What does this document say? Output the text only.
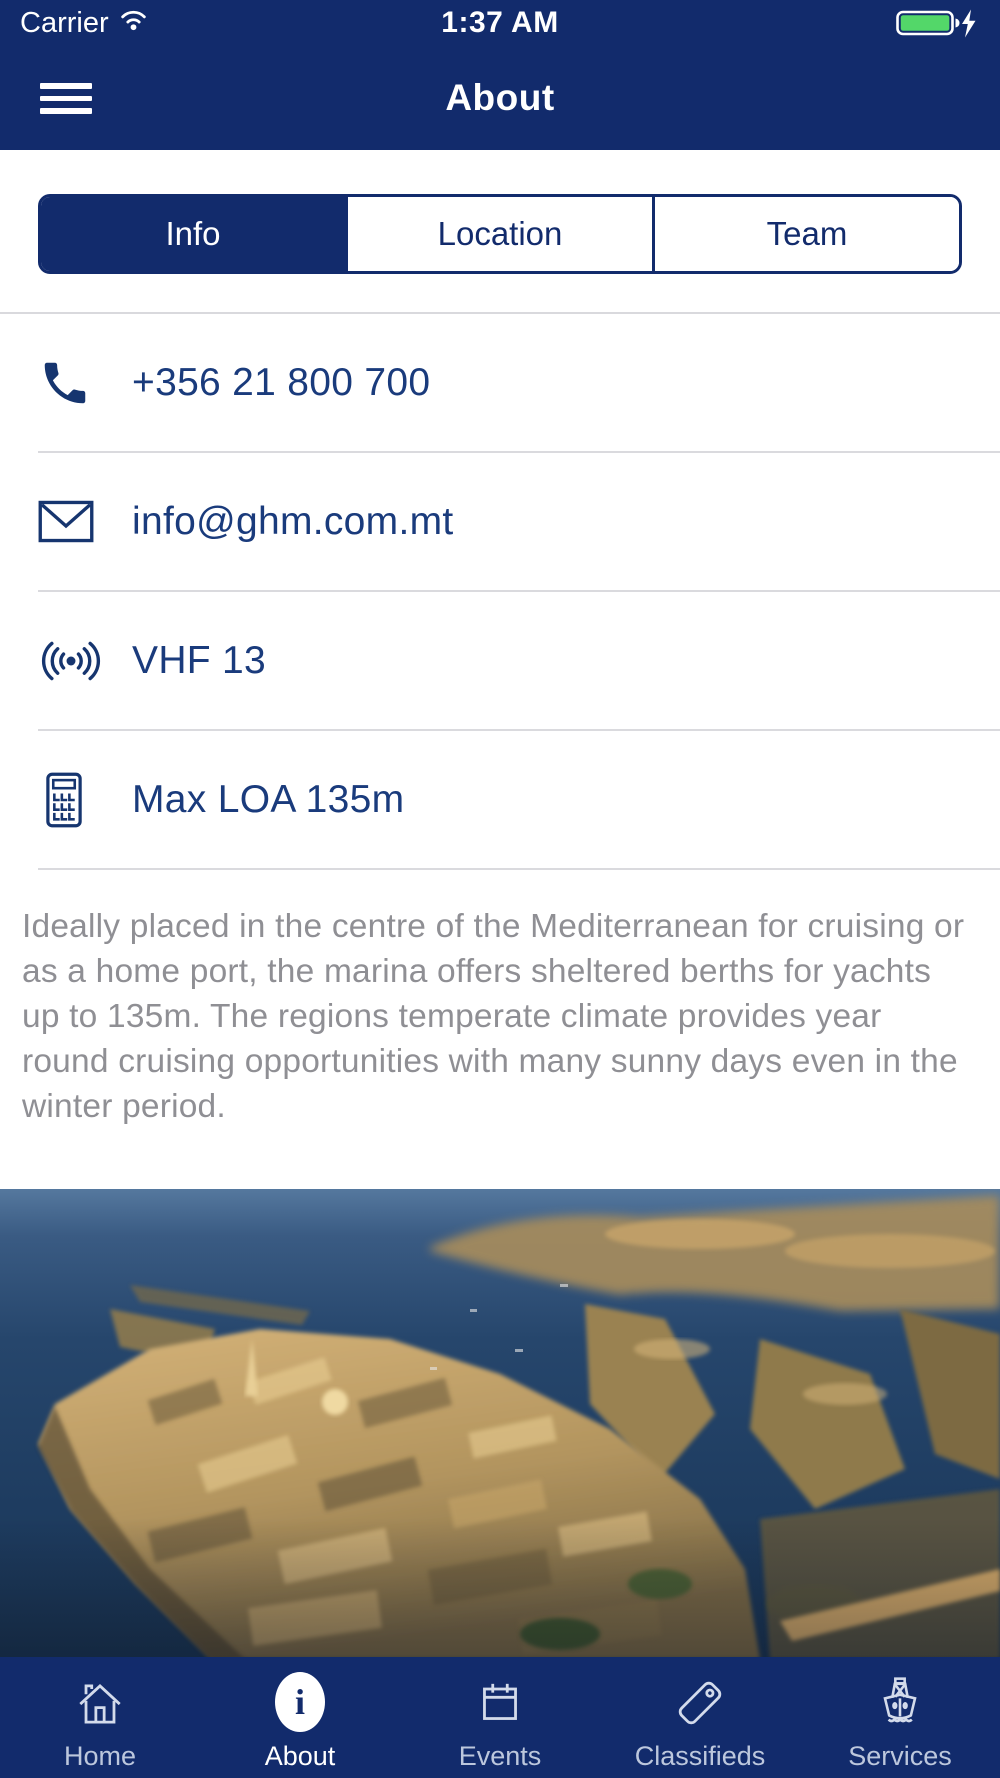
Carrier	1:37 AM
About
Info	Location	Team
+356 21 800 700
info@ghm.com.mt
VHF 13
Max LOA 135m

Ideally placed in the centre of the Mediterranean for cruising or as a home port, the marina offers sheltered berths for yachts up to 135m. The regions temperate climate provides year round cruising opportunities with many sunny days even in the winter period.

Home
i
About	Events	Classifieds	Services
